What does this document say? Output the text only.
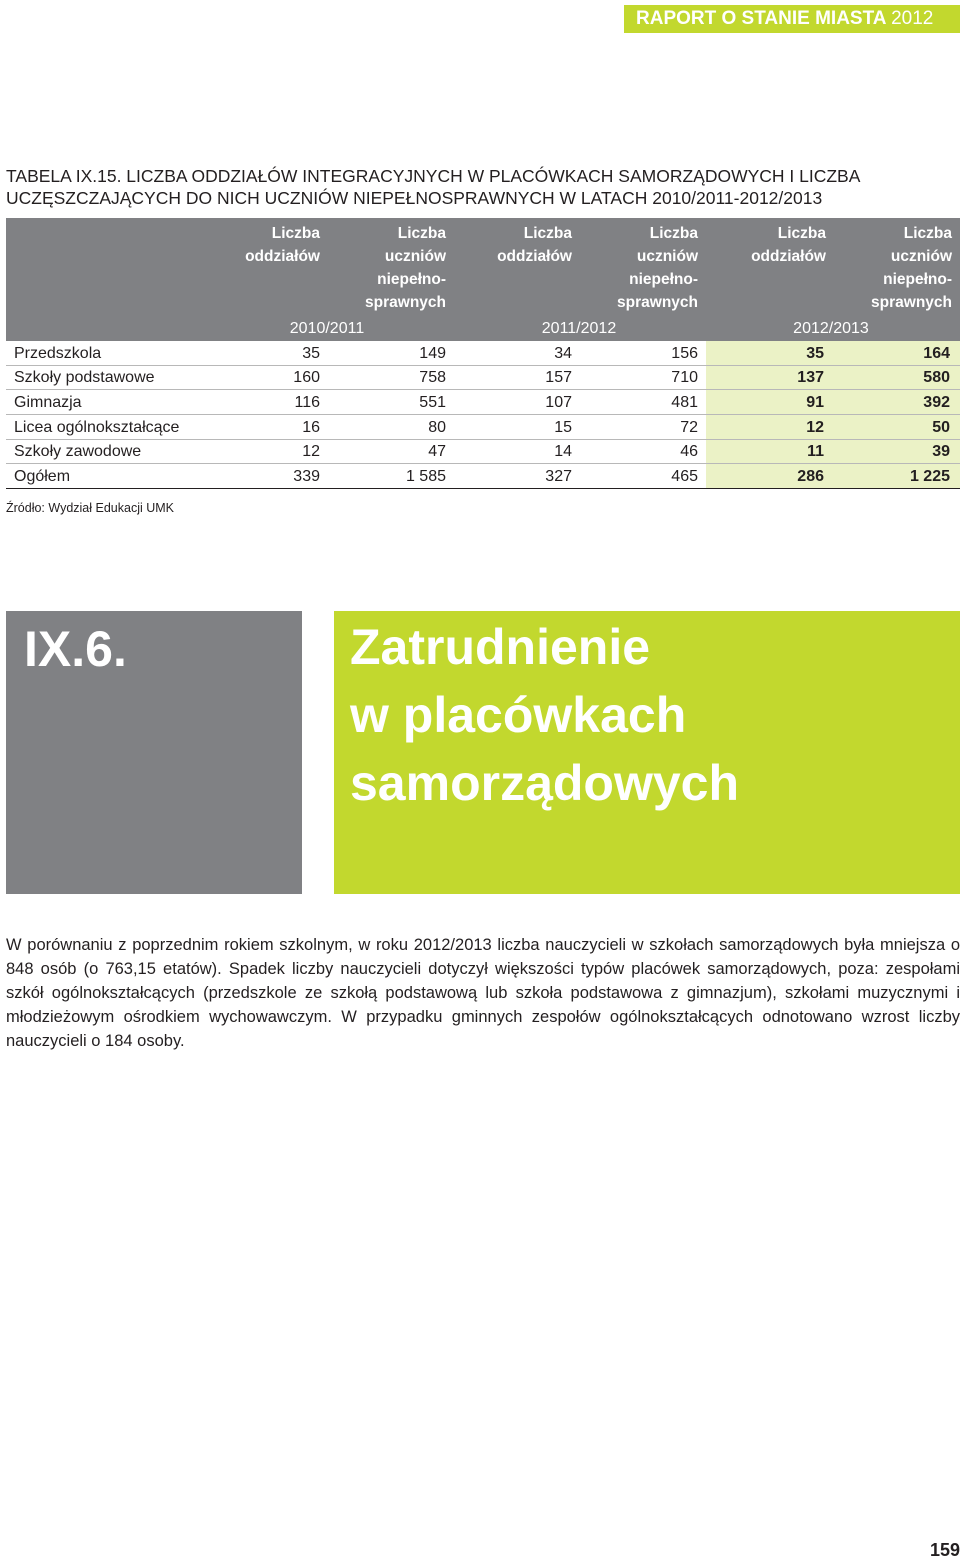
RAPORT O STANIE MIASTA 2012
TABELA IX.15. LICZBA ODDZIAŁÓW INTEGRACYJNYCH W PLACÓWKACH SAMORZĄDOWYCH I LICZBA UCZĘSZCZAJĄCYCH DO NICH UCZNIÓW NIEPEŁNOSPRAWNYCH W LATACH 2010/2011-2012/2013
Liczba
oddziałów
Liczba
uczniów
niepełno-
sprawnych
Liczba
oddziałów
Liczba
uczniów
niepełno-
sprawnych
Liczba
oddziałów
Liczba
uczniów
niepełno-
sprawnych
2010/2011	2011/2012	2012/2013
Przedszkola	35	149	34	156	35	164
Szkoły podstawowe	160	758	157	710	137	580
Gimnazja	116	551	107	481	91	392
Licea ogólnokształcące	16	80	15	72	12	50
Szkoły zawodowe	12	47	14	46	11	39
Ogółem	339	1 585	327	465	286	1 225
Źródło: Wydział Edukacji UMK
IX.6.	Zatrudnienie
w placówkach
samorządowych

W porównaniu z poprzednim rokiem szkolnym, w roku 2012/2013 liczba nauczycieli w szkołach samorządowych była mniejsza o 848 osób (o 763,15 etatów). Spadek liczby nauczycieli dotyczył większości typów placówek samorządowych, poza: zespołami szkół ogólnokształcących (przedszkole ze szkołą podstawową lub szkoła podstawowa z gimnazjum), szkołami muzycznymi i młodzieżowym ośrodkiem wychowawczym. W przypadku gminnych zespołów ogólnokształcących odnotowano wzrost liczby nauczycieli o 184 osoby.

159
